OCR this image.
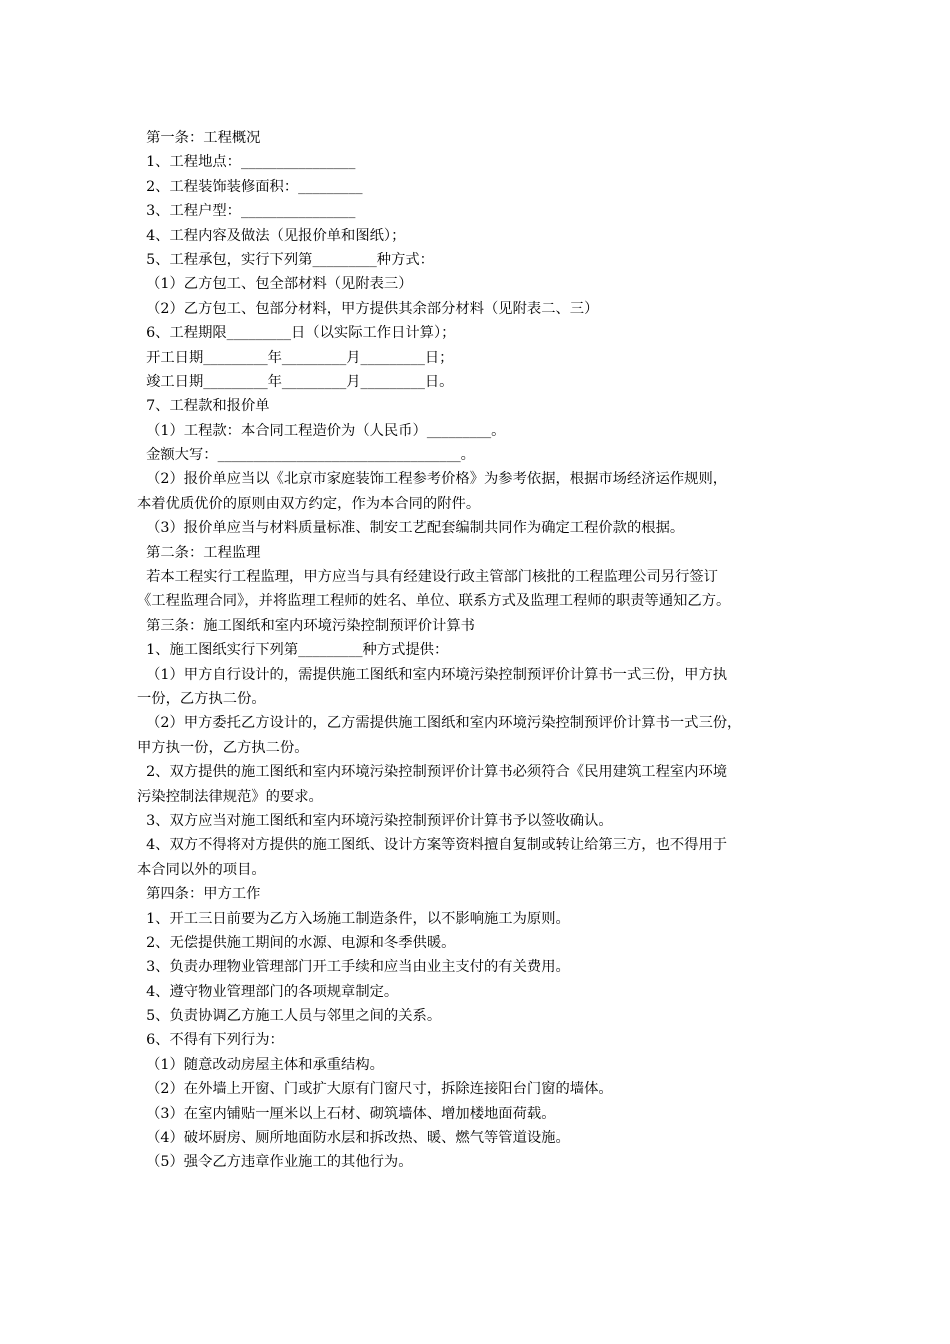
第一条：工程概况
1、工程地点：________________
2、工程装饰装修面积：_________
3、工程户型：________________
4、工程内容及做法（见报价单和图纸）；
5、工程承包，实行下列第_________种方式：
（1）乙方包工、包全部材料（见附表三）
（2）乙方包工、包部分材料，甲方提供其余部分材料（见附表二、三）
6、工程期限_________日（以实际工作日计算）；
开工日期_________年_________月_________日；
竣工日期_________年_________月_________日。
7、工程款和报价单
（1）工程款：本合同工程造价为（人民币）_________。
金额大写：__________________________________。
（2）报价单应当以《北京市家庭装饰工程参考价格》为参考依据，根据市场经济运作规则，
本着优质优价的原则由双方约定，作为本合同的附件。
（3）报价单应当与材料质量标准、制安工艺配套编制共同作为确定工程价款的根据。
第二条：工程监理
若本工程实行工程监理，甲方应当与具有经建设行政主管部门核批的工程监理公司另行签订
《工程监理合同》，并将监理工程师的姓名、单位、联系方式及监理工程师的职责等通知乙方。
第三条：施工图纸和室内环境污染控制预评价计算书
1、施工图纸实行下列第_________种方式提供：
（1）甲方自行设计的，需提供施工图纸和室内环境污染控制预评价计算书一式三份，甲方执
一份，乙方执二份。
（2）甲方委托乙方设计的，乙方需提供施工图纸和室内环境污染控制预评价计算书一式三份，
甲方执一份，乙方执二份。
2、双方提供的施工图纸和室内环境污染控制预评价计算书必须符合《民用建筑工程室内环境
污染控制法律规范》的要求。
3、双方应当对施工图纸和室内环境污染控制预评价计算书予以签收确认。
4、双方不得将对方提供的施工图纸、设计方案等资料擅自复制或转让给第三方，也不得用于
本合同以外的项目。
第四条：甲方工作
1、开工三日前要为乙方入场施工制造条件，以不影响施工为原则。
2、无偿提供施工期间的水源、电源和冬季供暖。
3、负责办理物业管理部门开工手续和应当由业主支付的有关费用。
4、遵守物业管理部门的各项规章制定。
5、负责协调乙方施工人员与邻里之间的关系。
6、不得有下列行为：
（1）随意改动房屋主体和承重结构。
（2）在外墙上开窗、门或扩大原有门窗尺寸，拆除连接阳台门窗的墙体。
（3）在室内铺贴一厘米以上石材、砌筑墙体、增加楼地面荷载。
（4）破坏厨房、厕所地面防水层和拆改热、暖、燃气等管道设施。
（5）强令乙方违章作业施工的其他行为。
